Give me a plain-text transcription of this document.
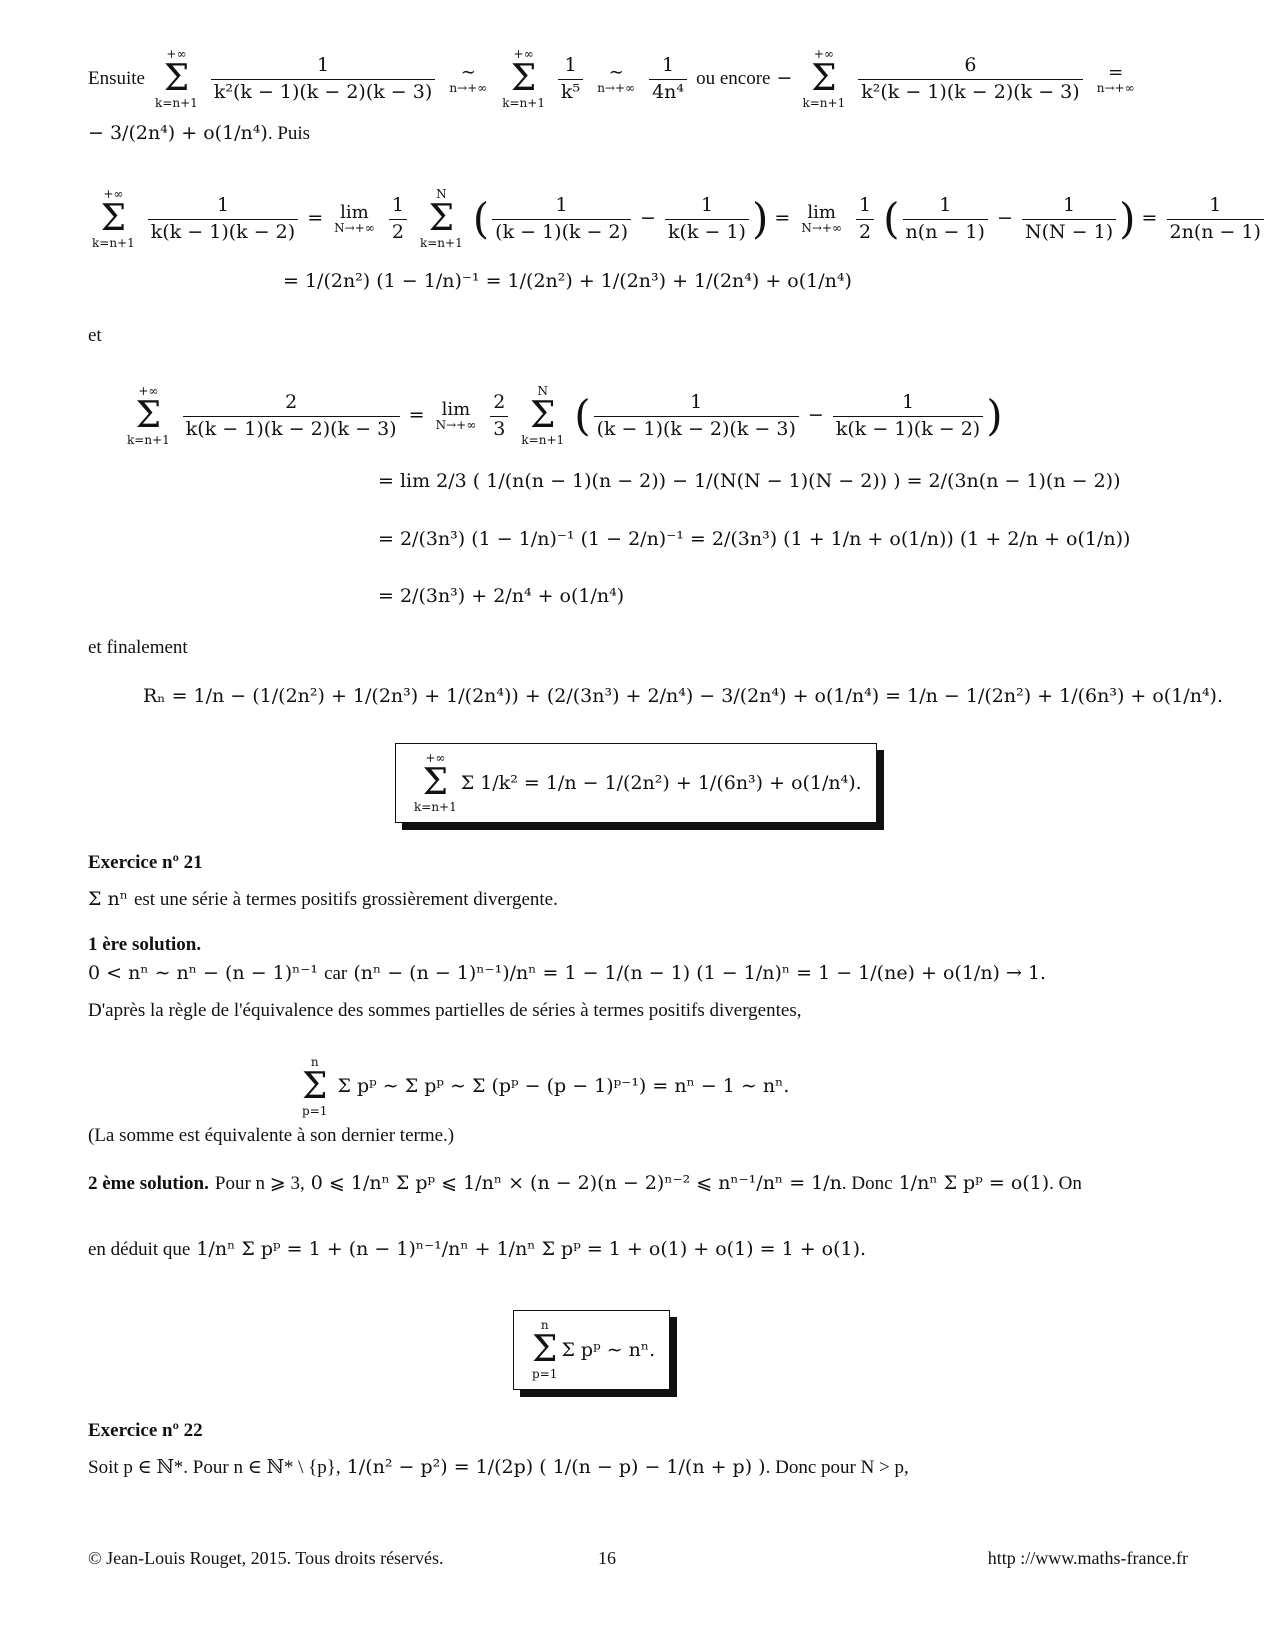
Ensuite
+∞
Σ
k=n+1
$\frac{1}{\text{k²(k − 1)(k − 2)(k − 3)}}$
∼
n→+∞

+∞
Σ
k=n+1
$\frac{1}{\text{k⁵}}$
∼
n→+∞
$\frac{1}{\text{4n⁴}}$ ou encore −
+∞
Σ
k=n+1
$\frac{6}{\text{k²(k − 1)(k − 2)(k − 3)}}$
=
n→+∞
− 3/(2n⁴) + o(1/n⁴). Puis
+∞
Σ
k=n+1
$\frac{1}{k(k - 1)(k - 2)} = \lim$
N→+∞
$\frac{1}{2}$

N
Σ
k=n+1 ( $\frac{1}{(k - 1)(k - 2)} - \frac{1}{k(k - 1)}$ ) = lim
N→+∞
$\frac{1}{2}$ ( $\frac{1}{n(n - 1)} - \frac{1}{N(N - 1)}$ ) = $\frac{1}{2n(n - 1)}$
= 1/(2n²) (1 − 1/n)⁻¹ = 1/(2n²) + 1/(2n³) + 1/(2n⁴) + o(1/n⁴)
et
+∞
Σ
k=n+1
$\frac{2}{k(k - 1)(k - 2)(k - 3)} = \lim$
N→+∞
$\frac{2}{3}$

N
Σ
k=n+1 ( $\frac{1}{(k - 1)(k - 2)(k - 3)} - \frac{1}{k(k - 1)(k - 2)}$ )
= lim 2/3 ( 1/(n(n − 1)(n − 2)) − 1/(N(N − 1)(N − 2)) ) = 2/(3n(n − 1)(n − 2))
= 2/(3n³) (1 − 1/n)⁻¹ (1 − 2/n)⁻¹ = 2/(3n³) (1 + 1/n + o(1/n)) (1 + 2/n + o(1/n))
= 2/(3n³) + 2/n⁴ + o(1/n⁴)
et finalement
Rₙ = 1/n − (1/(2n²) + 1/(2n³) + 1/(2n⁴)) + (2/(3n³) + 2/n⁴) − 3/(2n⁴) + o(1/n⁴) = 1/n − 1/(2n²) + 1/(6n³) + o(1/n⁴).
+∞
Σ
k=n+1
Σ 1/k² = 1/n − 1/(2n²) + 1/(6n³) + o(1/n⁴).
Exercice nº 21
Σ nⁿ est une série à termes positifs grossièrement divergente.
1 ère solution.
0 < nⁿ ∼ nⁿ − (n − 1)ⁿ⁻¹ car (nⁿ − (n − 1)ⁿ⁻¹)/nⁿ = 1 − 1/(n − 1) (1 − 1/n)ⁿ = 1 − 1/(ne) + o(1/n) → 1.
D'après la règle de l'équivalence des sommes partielles de séries à termes positifs divergentes,
n
Σ
p=1
Σ pᵖ ∼ Σ pᵖ ∼ Σ (pᵖ − (p − 1)ᵖ⁻¹) = nⁿ − 1 ∼ nⁿ.
(La somme est équivalente à son dernier terme.)
2 ème solution. Pour n ⩾ 3, 0 ⩽ 1/nⁿ Σ pᵖ ⩽ 1/nⁿ × (n − 2)(n − 2)ⁿ⁻² ⩽ nⁿ⁻¹/nⁿ = 1/n. Donc 1/nⁿ Σ pᵖ = o(1). On
en déduit que 1/nⁿ Σ pᵖ = 1 + (n − 1)ⁿ⁻¹/nⁿ + 1/nⁿ Σ pᵖ = 1 + o(1) + o(1) = 1 + o(1).
n
Σ
p=1
Σ pᵖ ∼ nⁿ.
Exercice nº 22
Soit p ∈ ℕ*. Pour n ∈ ℕ* \ {p}, 1/(n² − p²) = 1/(2p) ( 1/(n − p) − 1/(n + p) ). Donc pour N > p,
© Jean-Louis Rouget, 2015. Tous droits réservés.	16	http ://www.maths-france.fr
